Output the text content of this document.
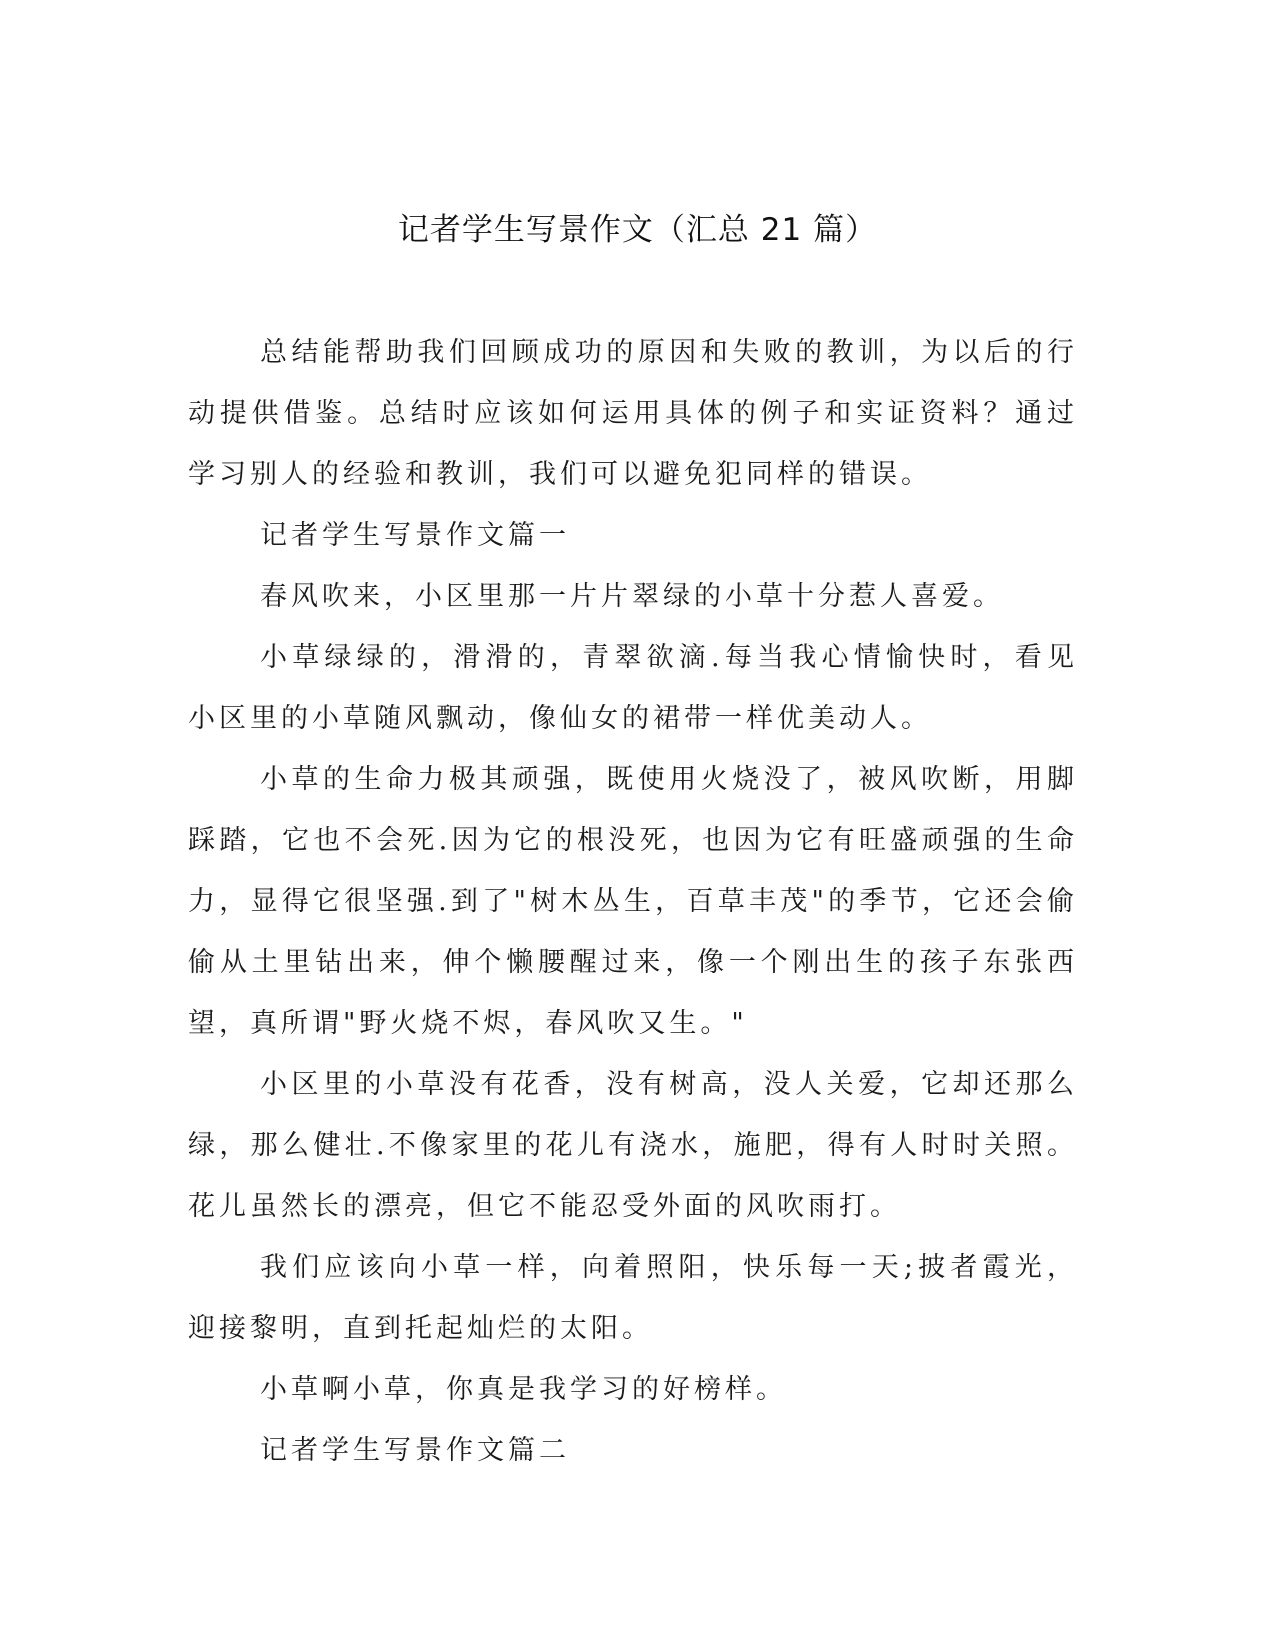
记者学生写景作文（汇总 21 篇）

总结能帮助我们回顾成功的原因和失败的教训，为以后的行动提供借鉴。总结时应该如何运用具体的例子和实证资料？通过学习别人的经验和教训，我们可以避免犯同样的错误。

记者学生写景作文篇一

春风吹来，小区里那一片片翠绿的小草十分惹人喜爱。

小草绿绿的，滑滑的，青翠欲滴.每当我心情愉快时，看见小区里的小草随风飘动，像仙女的裙带一样优美动人。

小草的生命力极其顽强，既使用火烧没了，被风吹断，用脚踩踏，它也不会死.因为它的根没死，也因为它有旺盛顽强的生命力，显得它很坚强.到了"树木丛生，百草丰茂"的季节，它还会偷偷从土里钻出来，伸个懒腰醒过来，像一个刚出生的孩子东张西望，真所谓"野火烧不烬，春风吹又生。"

小区里的小草没有花香，没有树高，没人关爱，它却还那么绿，那么健壮.不像家里的花儿有浇水，施肥，得有人时时关照。花儿虽然长的漂亮，但它不能忍受外面的风吹雨打。

我们应该向小草一样，向着照阳，快乐每一天;披者霞光，迎接黎明，直到托起灿烂的太阳。

小草啊小草，你真是我学习的好榜样。

记者学生写景作文篇二
